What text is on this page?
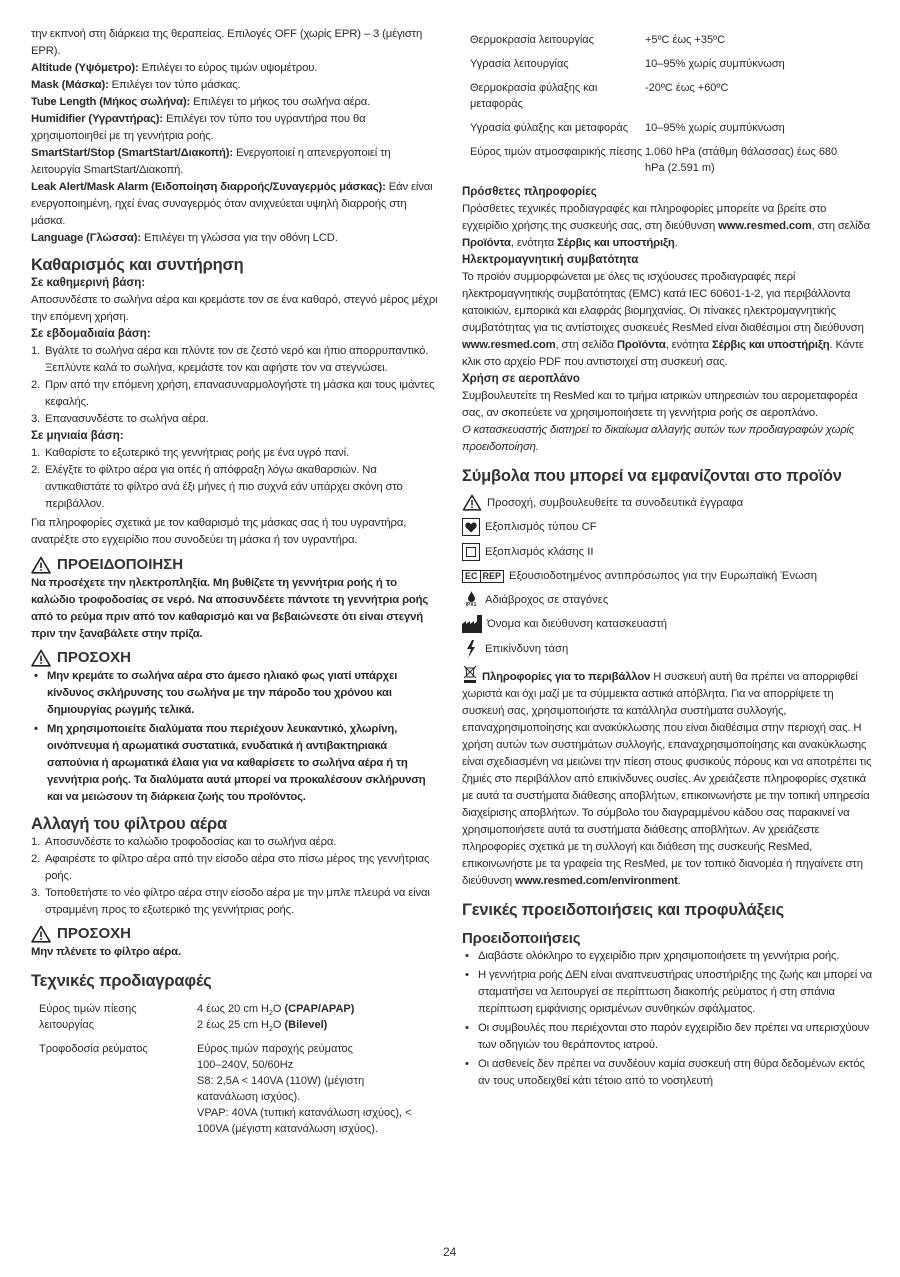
την εκπνοή στη διάρκεια της θεραπείας. Επιλογές OFF (χωρίς EPR) – 3 (μέγιστη EPR).

Altitude (Υψόμετρο): Επιλέγει το εύρος τιμών υψομέτρου.

Mask (Μάσκα): Επιλέγει τον τύπο μάσκας.

Tube Length (Μήκος σωλήνα): Επιλέγει το μήκος του σωλήνα αέρα.

Humidifier (Υγραντήρας): Επιλέγει τον τύπο του υγραντήρα που θα χρησιμοποιηθεί με τη γεννήτρια ροής.

SmartStart/Stop (SmartStart/Διακοπή): Ενεργοποιεί η απενεργοποιεί τη λειτουργία SmartStart/Διακοπή.

Leak Alert/Mask Alarm (Ειδοποίηση διαρροής/Συναγερμός μάσκας): Εάν είναι ενεργοποιημένη, ηχεί ένας συναγερμός όταν ανιχνεύεται υψηλή διαρροής στη μάσκα.

Language (Γλώσσα): Επιλέγει τη γλώσσα για την οθόνη LCD.

Καθαρισμός και συντήρηση

Σε καθημερινή βάση:

Αποσυνδέστε το σωλήνα αέρα και κρεμάστε τον σε ένα καθαρό, στεγνό μέρος μέχρι την επόμενη χρήση.

Σε εβδομαδιαία βάση:

1. Βγάλτε το σωλήνα αέρα και πλύντε τον σε ζεστό νερό και ήπιο απορρυπαντικό. Ξεπλύντε καλά το σωλήνα, κρεμάστε τον και αφήστε τον να στεγνώσει.
2. Πριν από την επόμενη χρήση, επανασυναρμολογήστε τη μάσκα και τους ιμάντες κεφαλής.
3. Επανασυνδέστε το σωλήνα αέρα.

Σε μηνιαία βάση:

1. Καθαρίστε το εξωτερικό της γεννήτριας ροής με ένα υγρό πανί.
2. Ελέγξτε το φίλτρο αέρα για οπές ή απόφραξη λόγω ακαθαρσιών. Να αντικαθιστάτε το φίλτρο ανά έξι μήνες ή πιο συχνά εάν υπάρχει σκόνη στο περιβάλλον.

Για πληροφορίες σχετικά με τον καθαρισμό της μάσκας σας ή του υγραντήρα, ανατρέξτε στο εγχειρίδιο που συνοδεύει τη μάσκα ή τον υγραντήρα.

ΠΡΟΕΙΔΟΠΟΙΗΣΗ

Να προσέχετε την ηλεκτροπληξία. Μη βυθίζετε τη γεννήτρια ροής ή το καλώδιο τροφοδοσίας σε νερό. Να αποσυνδέετε πάντοτε τη γεννήτρια ροής από το ρεύμα πριν από τον καθαρισμό και να βεβαιώνεστε ότι είναι στεγνή πριν την ξαναβάλετε στην πρίζα.

ΠΡΟΣΟΧΗ
• Μην κρεμάτε το σωλήνα αέρα στο άμεσο ηλιακό φως γιατί υπάρχει κίνδυνος σκλήρυνσης του σωλήνα με την πάροδο του χρόνου και δημιουργίας ρωγμής τελικά.
• Μη χρησιμοποιείτε διαλύματα που περιέχουν λευκαντικό, χλωρίνη, οινόπνευμα ή αρωματικά συστατικά, ενυδατικά ή αντιβακτηριακά σαπούνια ή αρωματικά έλαια για να καθαρίσετε το σωλήνα αέρα ή τη γεννήτρια ροής. Τα διαλύματα αυτά μπορεί να προκαλέσουν σκλήρυνση και να μειώσουν τη διάρκεια ζωής του προϊόντος.
Αλλαγή του φίλτρου αέρα
1. Αποσυνδέστε το καλώδιο τροφοδοσίας και το σωλήνα αέρα.
2. Αφαιρέστε το φίλτρο αέρα από την είσοδο αέρα στο πίσω μέρος της γεννήτριας ροής.
3. Τοποθετήστε το νέο φίλτρο αέρα στην είσοδο αέρα με την μπλε πλευρά να είναι στραμμένη προς το εξωτερικό της γεννήτριας ροής.
ΠΡΟΣΟΧΗ

Μην πλένετε το φίλτρο αέρα.

Τεχνικές προδιαγραφές
Εύρος τιμών πίεσης λειτουργίας	4 έως 20 cm $H_2O$ (CPAP/APAP)
2 έως 25 cm $H_2O$ (Bilevel)

Τροφοδοσία ρεύματος	Εύρος τιμών παροχής ρεύματος
100–240V, 50/60Hz
S8: 2,5A < 140VA (110W) (μέγιστη κατανάλωση ισχύος).
VPAP: 40VA (τυπική κατανάλωση ισχύος), < 100VA (μέγιστη κατανάλωση ισχύος).
Θερμοκρασία λειτουργίας	+5ºC έως +35ºC
Υγρασία λειτουργίας	10–95% χωρίς συμπύκνωση
Θερμοκρασία φύλαξης και μεταφοράς	-20ºC έως +60ºC
Υγρασία φύλαξης και μεταφοράς	10–95% χωρίς συμπύκνωση
Εύρος τιμών ατμοσφαιρικής πίεσης	1.060 hPa (στάθμη θάλασσας) έως 680 hPa (2.591 m)

Πρόσθετες πληροφορίες

Πρόσθετες τεχνικές προδιαγραφές και πληροφορίες μπορείτε να βρείτε στο εγχειρίδιο χρήσης της συσκευής σας, στη διεύθυνση www.resmed.com, στη σελίδα Προϊόντα, ενότητα Σέρβις και υποστήριξη.

Ηλεκτρομαγνητική συμβατότητα

Το προϊόν συμμορφώνεται με όλες τις ισχύουσες προδιαγραφές περί ηλεκτρομαγνητικής συμβατότητας (EMC) κατά IEC 60601-1-2, για περιβάλλοντα κατοικιών, εμπορικά και ελαφράς βιομηχανίας. Οι πίνακες ηλεκτρομαγνητικής συμβατότητας για τις αντίστοιχες συσκευές ResMed είναι διαθέσιμοι στη διεύθυνση www.resmed.com, στη σελίδα Προϊόντα, ενότητα Σέρβις και υποστήριξη. Κάντε κλικ στο αρχείο PDF που αντιστοιχεί στη συσκευή σας.

Χρήση σε αεροπλάνο

Συμβουλευτείτε τη ResMed και το τμήμα ιατρικών υπηρεσιών του αερομεταφορέα σας, αν σκοπεύετε να χρησιμοποιήσετε τη γεννήτρια ροής σε αεροπλάνο.

Ο κατασκευαστής διατηρεί το δικαίωμα αλλαγής αυτών των προδιαγραφών χωρίς προειδοποίηση.

Σύμβολα που μπορεί να εμφανίζονται στο προϊόν
Προσοχή, συμβουλευθείτε τα συνοδευτικά έγγραφα
Εξοπλισμός τύπου CF
Εξοπλισμός κλάσης II
EC REP Εξουσιοδοτημένος αντιπρόσωπος για την Ευρωπαϊκή Ένωση
IPX1 Αδιάβροχος σε σταγόνες
Όνομα και διεύθυνση κατασκευαστή
Επικίνδυνη τάση

Πληροφορίες για το περιβάλλον Η συσκευή αυτή θα πρέπει να απορριφθεί χωριστά και όχι μαζί με τα σύμμεικτα αστικά απόβλητα. Για να απορρίψετε τη συσκευή σας, χρησιμοποιήστε τα κατάλληλα συστήματα συλλογής, επαναχρησιμοποίησης και ανακύκλωσης που είναι διαθέσιμα στην περιοχή σας. Η χρήση αυτών των συστημάτων συλλογής, επαναχρησιμοποίησης και ανακύκλωσης είναι σχεδιασμένη να μειώνει την πίεση στους φυσικούς πόρους και να αποτρέπει τις ζημιές στο περιβάλλον από επικίνδυνες ουσίες. Αν χρειάζεστε πληροφορίες σχετικά με αυτά τα συστήματα διάθεσης αποβλήτων, επικοινωνήστε με την τοπική υπηρεσία διαχείρισης αποβλήτων. Το σύμβολο του διαγραμμένου κάδου σας παρακινεί να χρησιμοποιήσετε αυτά τα συστήματα διάθεσης αποβλήτων. Αν χρειάζεστε πληροφορίες σχετικά με τη συλλογή και διάθεση της συσκευής ResMed, επικοινωνήστε με τα γραφεία της ResMed, με τον τοπικό διανομέα ή πηγαίνετε στη διεύθυνση www.resmed.com/environment.

Γενικές προειδοποιήσεις και προφυλάξεις
Προειδοποιήσεις
• Διαβάστε ολόκληρο το εγχειρίδιο πριν χρησιμοποιήσετε τη γεννήτρια ροής.
• Η γεννήτρια ροής ΔΕΝ είναι αναπνευστήρας υποστήριξης της ζωής και μπορεί να σταματήσει να λειτουργεί σε περίπτωση διακοπής ρεύματος ή στη σπάνια περίπτωση εμφάνισης ορισμένων συνθηκών σφάλματος.
• Οι συμβουλές που περιέχονται στο παρόν εγχειρίδιο δεν πρέπει να υπερισχύουν των οδηγιών του θεράποντος ιατρού.
• Οι ασθενείς δεν πρέπει να συνδέουν καμία συσκευή στη θύρα δεδομένων εκτός αν τους υποδειχθεί κάτι τέτοιο από το νοσηλευτή
24
